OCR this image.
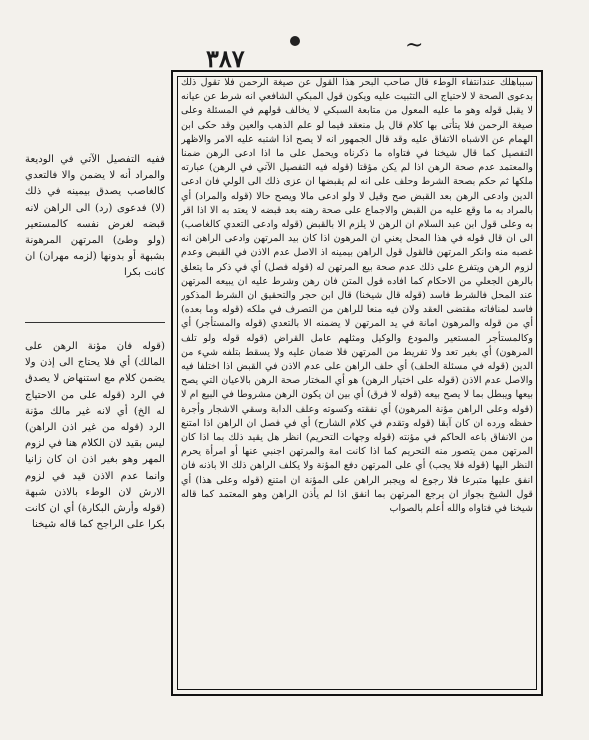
~
٣٨٧
سبباهلك عندانتفاء الوطء قال صاحب البحر هذا القول عن صيغة الرحمن فلا تقول ذلك بدعوى الصحة لا لاحتياج الى التثبيت عليه ويكون قول المبكي الشافعي انه شرط عن عيانه لا يقبل قوله وهو ما عليه المعول من متابعة السبكي لا يخالف قولهم في المسئلة وعلى صيغة الرحمن فلا يتأتى بها كلام قال بل منعقد فيما لو علم الذهب والعين وقد حكى ابن الهمام عن الاشباه الاتفاق عليه وقد قال الجمهور انه لا يصح اذا اشتبه عليه الامر والاظهر التفصيل كما قال شيخنا في فتاواه ما ذكرناه ويحمل على ما اذا ادعى الرهن ضمنا والمعتمد عدم صحة الرهن اذا لم يكن مؤقتا (قوله فيه التفصيل الآتي في الرهن) عبارته ملكها ثم حكم بصحة الشرط وحلف على انه لم يقبضها ان عزى ذلك الى الولي فان ادعى الدين وادعى الرهن بعد القبض صح وقيل لا ولو ادعى مالا ويصح حالا (قوله والمراد) أي بالمراد به ما وقع عليه من القبض والاجماع على صحة رهنه بعد قبضه لا يعتد به الا اذا اقر به وعلى قول ابن عبد السلام ان الرهن لا يلزم الا بالقبض (قوله وادعى التعدي كالغاصب) الى ان قال قوله في هذا المحل يعني ان المرهون اذا كان بيد المرتهن وادعى الراهن انه غصبه منه وانكر المرتهن فالقول قول الراهن بيمينه اذ الاصل عدم الاذن في القبض وعدم لزوم الرهن ويتفرع على ذلك عدم صحة بيع المرتهن له (قوله فصل) أي في ذكر ما يتعلق بالرهن الجعلي من الاحكام كما افاده قول المتن فان رهن وشرط عليه ان يبيعه المرتهن عند المحل فالشرط فاسد (قوله قال شيخنا) قال ابن حجر والتحقيق ان الشرط المذكور فاسد لمنافاته مقتضى العقد ولان فيه منعا للراهن من التصرف في ملكه (قوله وما بعده) أي من قوله والمرهون امانة في يد المرتهن لا يضمنه الا بالتعدي (قوله والمستأجر) أي وكالمستأجر المستعير والمودع والوكيل ومثلهم عامل القراض (قوله قوله ولو تلف المرهون) أي بغير تعد ولا تفريط من المرتهن فلا ضمان عليه ولا يسقط بتلفه شيء من الدين (قوله في مسئلة الحلف) أي حلف الراهن على عدم الاذن في القبض اذا اختلفا فيه والاصل عدم الاذن (قوله على اختيار الرهن) هو أي المختار صحة الرهن بالاعيان التي يصح بيعها ويبطل بما لا يصح بيعه (قوله لا فرق) أي بين ان يكون الرهن مشروطا في البيع ام لا (قوله وعلى الراهن مؤنة المرهون) أي نفقته وكسوته وعلف الدابة وسقي الاشجار وأجرة حفظه ورده ان كان آبقا (قوله وتقدم في كلام الشارح) أي في فصل ان الراهن اذا امتنع من الانفاق باعه الحاكم في مؤنته (قوله وجهات التحريم) انظر هل يقيد ذلك بما اذا كان المرتهن ممن يتصور منه التحريم كما اذا كانت امة والمرتهن اجنبي عنها أو امرأة يحرم النظر اليها (قوله فلا يجب) أي على المرتهن دفع المؤنة ولا يكلف الراهن ذلك الا باذنه فان انفق عليها متبرعا فلا رجوع له ويجبر الراهن على المؤنة ان امتنع (قوله وعلى هذا) أي قول الشيخ بجواز ان يرجع المرتهن بما انفق اذا لم يأذن الراهن وهو المعتمد كما قاله شيخنا في فتاواه والله أعلم بالصواب
ففيه التفصيل الآتي في الوديعة والمراد أنه لا يضمن والا فالتعدي كالغاصب يصدق بيمينه في ذلك (لا) فدعوى (رد) الى الراهن لانه قبضه لغرض نفسه كالمستعير (ولو وطئ) المرتهن المرهونة بشبهة أو بدونها (لزمه مهران) ان كانت بكرا
(قوله فان مؤنة الرهن على المالك) أي فلا يحتاج الى إذن ولا يضمن كلام مع استنهاض لا يصدق في الرد (قوله على من الاحتياج له الخ) أي لانه غير مالك مؤنة الرد (قوله من غير اذن الراهن) ليس بقيد لان الكلام هنا في لزوم المهر وهو بغير اذن ان كان زانيا وانما عدم الاذن قيد في لزوم الارش لان الوطء بالاذن شبهة (قوله وأرش البكارة) أي ان كانت بكرا على الراجح كما قاله شيخنا
